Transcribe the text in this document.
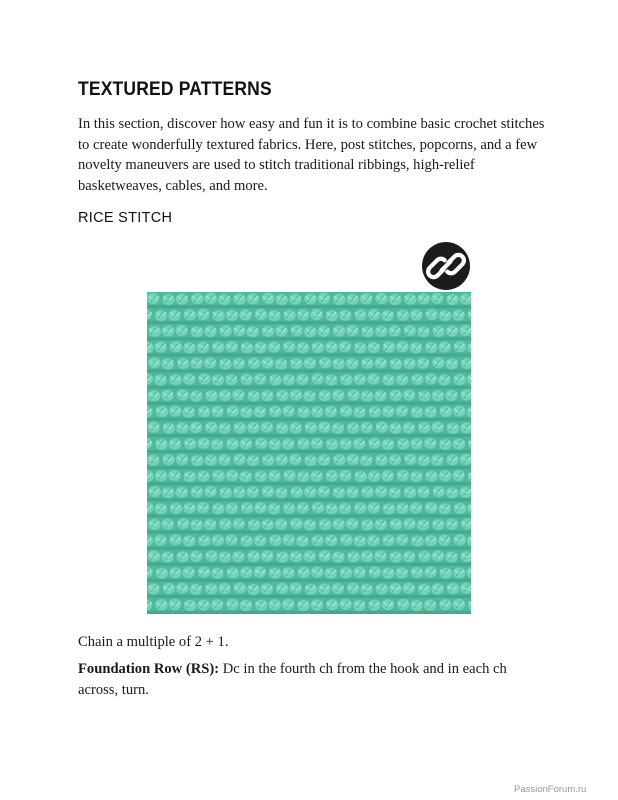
TEXTURED PATTERNS

In this section, discover how easy and fun it is to combine basic crochet stitches to create wonderfully textured fabrics. Here, post stitches, popcorns, and a few novelty maneuvers are used to stitch traditional ribbings, high-relief basketweaves, cables, and more.

RICE STITCH
Chain a multiple of 2 + 1.
Foundation Row (RS): Dc in the fourth ch from the hook and in each ch across, turn.
PassionForum.ru
